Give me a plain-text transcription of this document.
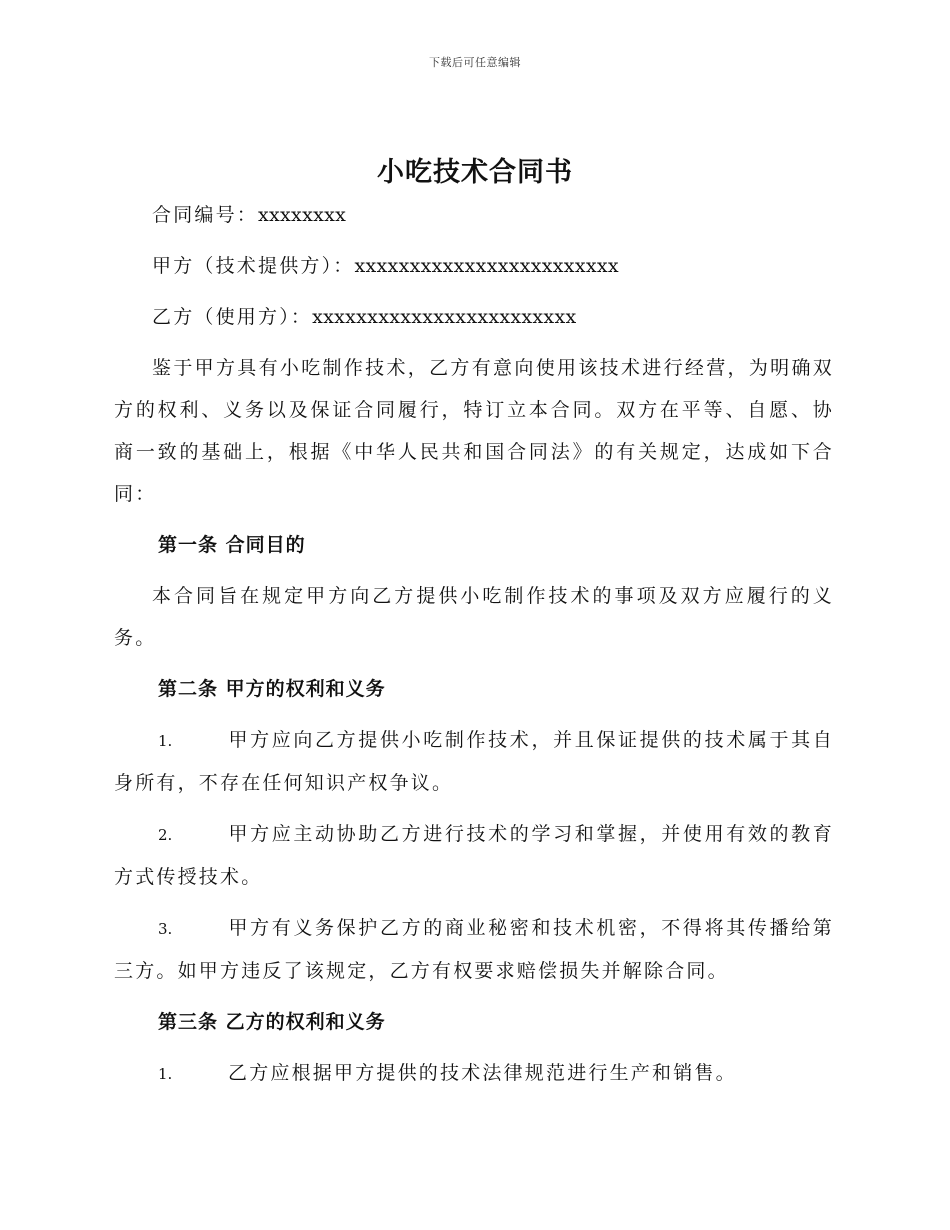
下载后可任意编辑
小吃技术合同书
合同编号：xxxxxxxx
甲方（技术提供方）：xxxxxxxxxxxxxxxxxxxxxxxx
乙方（使用方）：xxxxxxxxxxxxxxxxxxxxxxxx

鉴于甲方具有小吃制作技术，乙方有意向使用该技术进行经营，为明确双方的权利、义务以及保证合同履行，特订立本合同。双方在平等、自愿、协商一致的基础上，根据《中华人民共和国合同法》的有关规定，达成如下合同：

第一条 合同目的

本合同旨在规定甲方向乙方提供小吃制作技术的事项及双方应履行的义务。

第二条 甲方的权利和义务

1.	甲方应向乙方提供小吃制作技术，并且保证提供的技术属于其自身所有，不存在任何知识产权争议。

2.	甲方应主动协助乙方进行技术的学习和掌握，并使用有效的教育方式传授技术。

3.	甲方有义务保护乙方的商业秘密和技术机密，不得将其传播给第三方。如甲方违反了该规定，乙方有权要求赔偿损失并解除合同。

第三条 乙方的权利和义务

1.	乙方应根据甲方提供的技术法律规范进行生产和销售。
